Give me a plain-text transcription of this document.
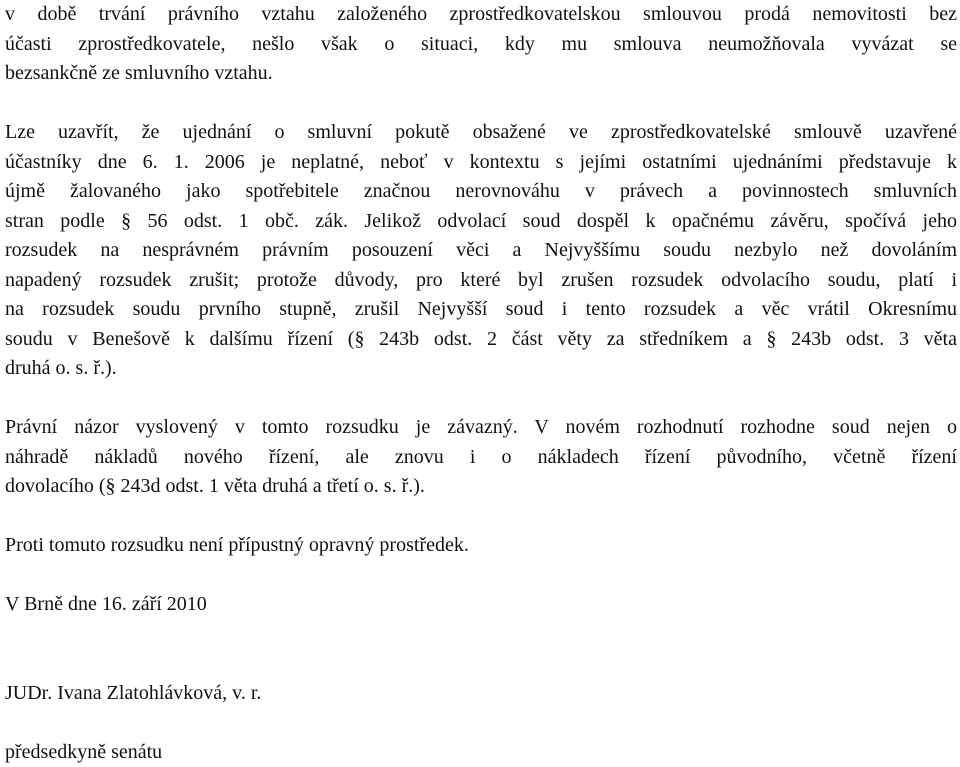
v době trvání právního vztahu založeného zprostředkovatelskou smlouvou prodá nemovitosti bez
účasti zprostředkovatele, nešlo však o situaci, kdy mu smlouva neumožňovala vyvázat se
bezsankčně ze smluvního vztahu.
Lze uzavřít, že ujednání o smluvní pokutě obsažené ve zprostředkovatelské smlouvě uzavřené
účastníky dne 6. 1. 2006 je neplatné, neboť v kontextu s jejími ostatními ujednáními představuje k
újmě žalovaného jako spotřebitele značnou nerovnováhu v právech a povinnostech smluvních
stran podle § 56 odst. 1 obč. zák. Jelikož odvolací soud dospěl k opačnému závěru, spočívá jeho
rozsudek na nesprávném právním posouzení věci a Nejvyššímu soudu nezbylo než dovoláním
napadený rozsudek zrušit; protože důvody, pro které byl zrušen rozsudek odvolacího soudu, platí i
na rozsudek soudu prvního stupně, zrušil Nejvyšší soud i tento rozsudek a věc vrátil Okresnímu
soudu v Benešově k dalšímu řízení (§ 243b odst. 2 část věty za středníkem a § 243b odst. 3 věta
druhá o. s. ř.).
Právní názor vyslovený v tomto rozsudku je závazný. V novém rozhodnutí rozhodne soud nejen o
náhradě nákladů nového řízení, ale znovu i o nákladech řízení původního, včetně řízení
dovolacího (§ 243d odst. 1 věta druhá a třetí o. s. ř.).
Proti tomuto rozsudku není přípustný opravný prostředek.
V Brně dne 16. září 2010
JUDr. Ivana Zlatohlávková, v. r.
předsedkyně senátu
